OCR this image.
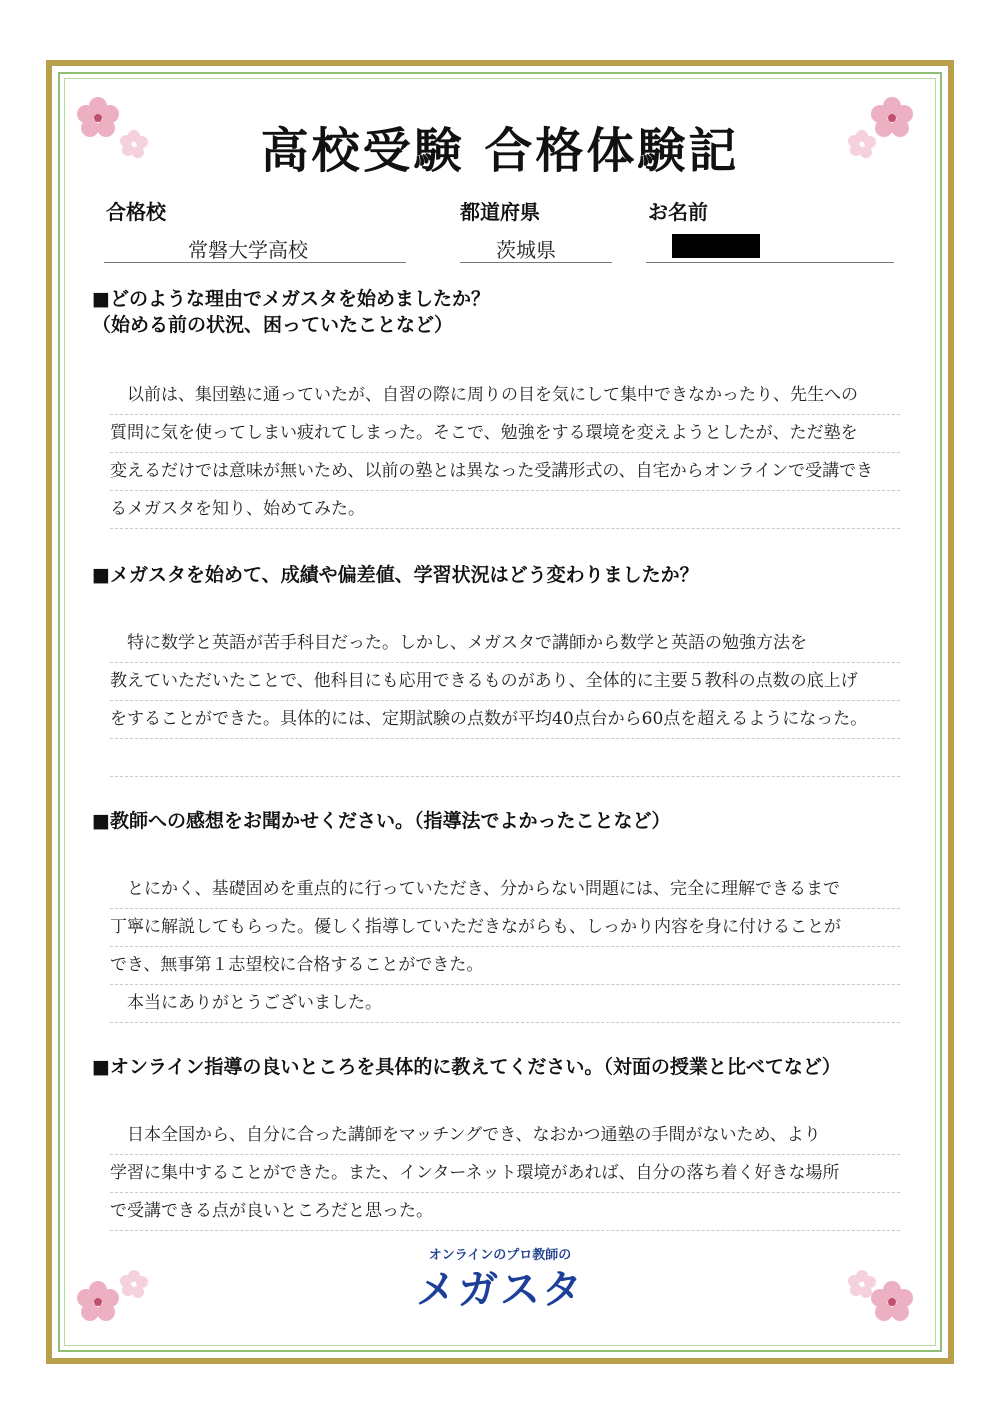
高校受験 合格体験記
合格校	都道府県	お名前
常磐大学高校	茨城県
■どのような理由でメガスタを始めましたか？
（始める前の状況、困っていたことなど）
　以前は、集団塾に通っていたが、自習の際に周りの目を気にして集中できなかったり、先生への
質問に気を使ってしまい疲れてしまった。そこで、勉強をする環境を変えようとしたが、ただ塾を
変えるだけでは意味が無いため、以前の塾とは異なった受講形式の、自宅からオンラインで受講でき
るメガスタを知り、始めてみた。
■メガスタを始めて、成績や偏差値、学習状況はどう変わりましたか？
　特に数学と英語が苦手科目だった。しかし、メガスタで講師から数学と英語の勉強方法を
教えていただいたことで、他科目にも応用できるものがあり、全体的に主要５教科の点数の底上げ
をすることができた。具体的には、定期試験の点数が平均40点台から60点を超えるようになった。
■教師への感想をお聞かせください。（指導法でよかったことなど）
　とにかく、基礎固めを重点的に行っていただき、分からない問題には、完全に理解できるまで
丁寧に解説してもらった。優しく指導していただきながらも、しっかり内容を身に付けることが
でき、無事第１志望校に合格することができた。
　本当にありがとうございました。
■オンライン指導の良いところを具体的に教えてください。（対面の授業と比べてなど）
　日本全国から、自分に合った講師をマッチングでき、なおかつ通塾の手間がないため、より
学習に集中することができた。また、インターネット環境があれば、自分の落ち着く好きな場所
で受講できる点が良いところだと思った。
オンラインのプロ教師の
メガスタ
